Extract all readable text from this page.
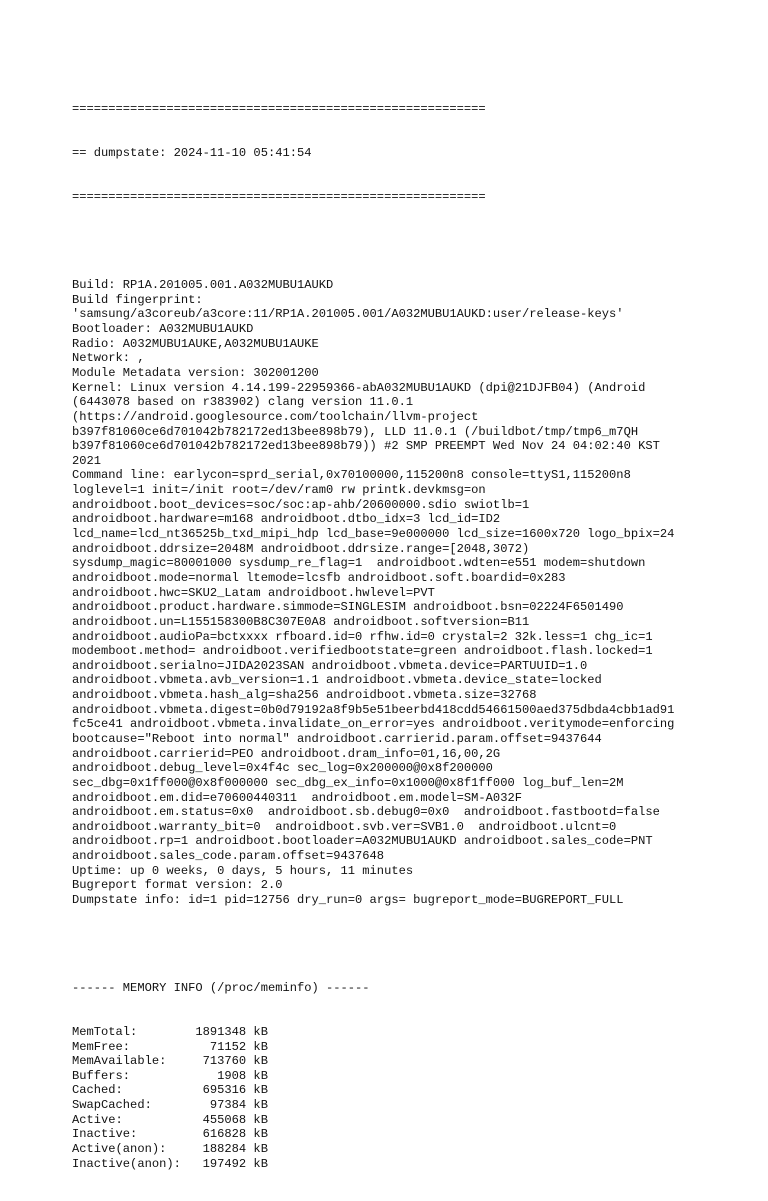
=========================================================

== dumpstate: 2024-11-10 05:41:54

=========================================================

Build: RP1A.201005.001.A032MUBU1AUKD
Build fingerprint:
'samsung/a3coreub/a3core:11/RP1A.201005.001/A032MUBU1AUKD:user/release-keys'
Bootloader: A032MUBU1AUKD
Radio: A032MUBU1AUKE,A032MUBU1AUKE
Network: ,
Module Metadata version: 302001200
Kernel: Linux version 4.14.199-22959366-abA032MUBU1AUKD (dpi@21DJFB04) (Android
(6443078 based on r383902) clang version 11.0.1
(https://android.googlesource.com/toolchain/llvm-project
b397f81060ce6d701042b782172ed13bee898b79), LLD 11.0.1 (/buildbot/tmp/tmp6_m7QH
b397f81060ce6d701042b782172ed13bee898b79)) #2 SMP PREEMPT Wed Nov 24 04:02:40 KST
2021
Command line: earlycon=sprd_serial,0x70100000,115200n8 console=ttyS1,115200n8
loglevel=1 init=/init root=/dev/ram0 rw printk.devkmsg=on
androidboot.boot_devices=soc/soc:ap-ahb/20600000.sdio swiotlb=1
androidboot.hardware=m168 androidboot.dtbo_idx=3 lcd_id=ID2
lcd_name=lcd_nt36525b_txd_mipi_hdp lcd_base=9e000000 lcd_size=1600x720 logo_bpix=24
androidboot.ddrsize=2048M androidboot.ddrsize.range=[2048,3072)
sysdump_magic=80001000 sysdump_re_flag=1  androidboot.wdten=e551 modem=shutdown
androidboot.mode=normal ltemode=lcsfb androidboot.soft.boardid=0x283
androidboot.hwc=SKU2_Latam androidboot.hwlevel=PVT
androidboot.product.hardware.simmode=SINGLESIM androidboot.bsn=02224F6501490
androidboot.un=L155158300B8C307E0A8 androidboot.softversion=B11
androidboot.audioPa=bctxxxx rfboard.id=0 rfhw.id=0 crystal=2 32k.less=1 chg_ic=1
modemboot.method= androidboot.verifiedbootstate=green androidboot.flash.locked=1
androidboot.serialno=JIDA2023SAN androidboot.vbmeta.device=PARTUUID=1.0
androidboot.vbmeta.avb_version=1.1 androidboot.vbmeta.device_state=locked
androidboot.vbmeta.hash_alg=sha256 androidboot.vbmeta.size=32768
androidboot.vbmeta.digest=0b0d79192a8f9b5e51beerbd418cdd54661500aed375dbda4cbb1ad91
fc5ce41 androidboot.vbmeta.invalidate_on_error=yes androidboot.veritymode=enforcing
bootcause="Reboot into normal" androidboot.carrierid.param.offset=9437644
androidboot.carrierid=PEO androidboot.dram_info=01,16,00,2G
androidboot.debug_level=0x4f4c sec_log=0x200000@0x8f200000
sec_dbg=0x1ff000@0x8f000000 sec_dbg_ex_info=0x1000@0x8f1ff000 log_buf_len=2M
androidboot.em.did=e70600440311  androidboot.em.model=SM-A032F
androidboot.em.status=0x0  androidboot.sb.debug0=0x0  androidboot.fastbootd=false
androidboot.warranty_bit=0  androidboot.svb.ver=SVB1.0  androidboot.ulcnt=0
androidboot.rp=1 androidboot.bootloader=A032MUBU1AUKD androidboot.sales_code=PNT
androidboot.sales_code.param.offset=9437648
Uptime: up 0 weeks, 0 days, 5 hours, 11 minutes
Bugreport format version: 2.0
Dumpstate info: id=1 pid=12756 dry_run=0 args= bugreport_mode=BUGREPORT_FULL

------ MEMORY INFO (/proc/meminfo) ------

MemTotal:        1891348 kB
MemFree:           71152 kB
MemAvailable:     713760 kB
Buffers:            1908 kB
Cached:           695316 kB
SwapCached:        97384 kB
Active:           455068 kB
Inactive:         616828 kB
Active(anon):     188284 kB
Inactive(anon):   197492 kB
